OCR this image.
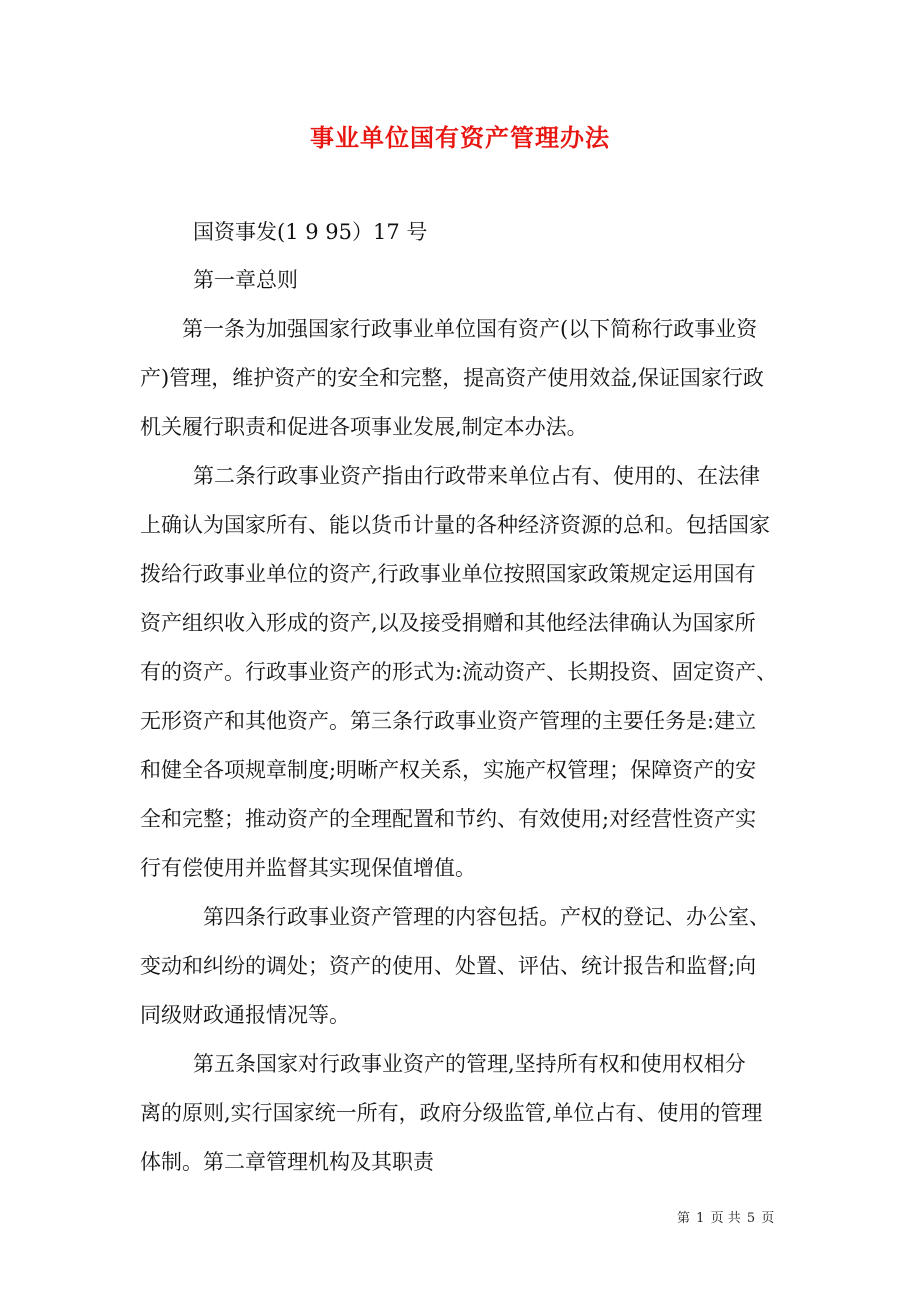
事业单位国有资产管理办法
国资事发(1 9 95）17 号
第一章总则
第一条为加强国家行政事业单位国有资产(以下简称行政事业资
产)管理，维护资产的安全和完整，提高资产使用效益,保证国家行政
机关履行职责和促进各项事业发展,制定本办法。
第二条行政事业资产指由行政带来单位占有、使用的、在法律
上确认为国家所有、能以货币计量的各种经济资源的总和。包括国家
拨给行政事业单位的资产,行政事业单位按照国家政策规定运用国有
资产组织收入形成的资产,以及接受捐赠和其他经法律确认为国家所
有的资产。行政事业资产的形式为:流动资产、长期投资、固定资产、
无形资产和其他资产。第三条行政事业资产管理的主要任务是:建立
和健全各项规章制度;明晰产权关系，实施产权管理；保障资产的安
全和完整；推动资产的全理配置和节约、有效使用;对经营性资产实
行有偿使用并监督其实现保值增值。
第四条行政事业资产管理的内容包括。产权的登记、办公室、
变动和纠纷的调处；资产的使用、处置、评估、统计报告和监督;向
同级财政通报情况等。
第五条国家对行政事业资产的管理,坚持所有权和使用权相分
离的原则,实行国家统一所有，政府分级监管,单位占有、使用的管理
体制。第二章管理机构及其职责
第 1 页 共 5 页
